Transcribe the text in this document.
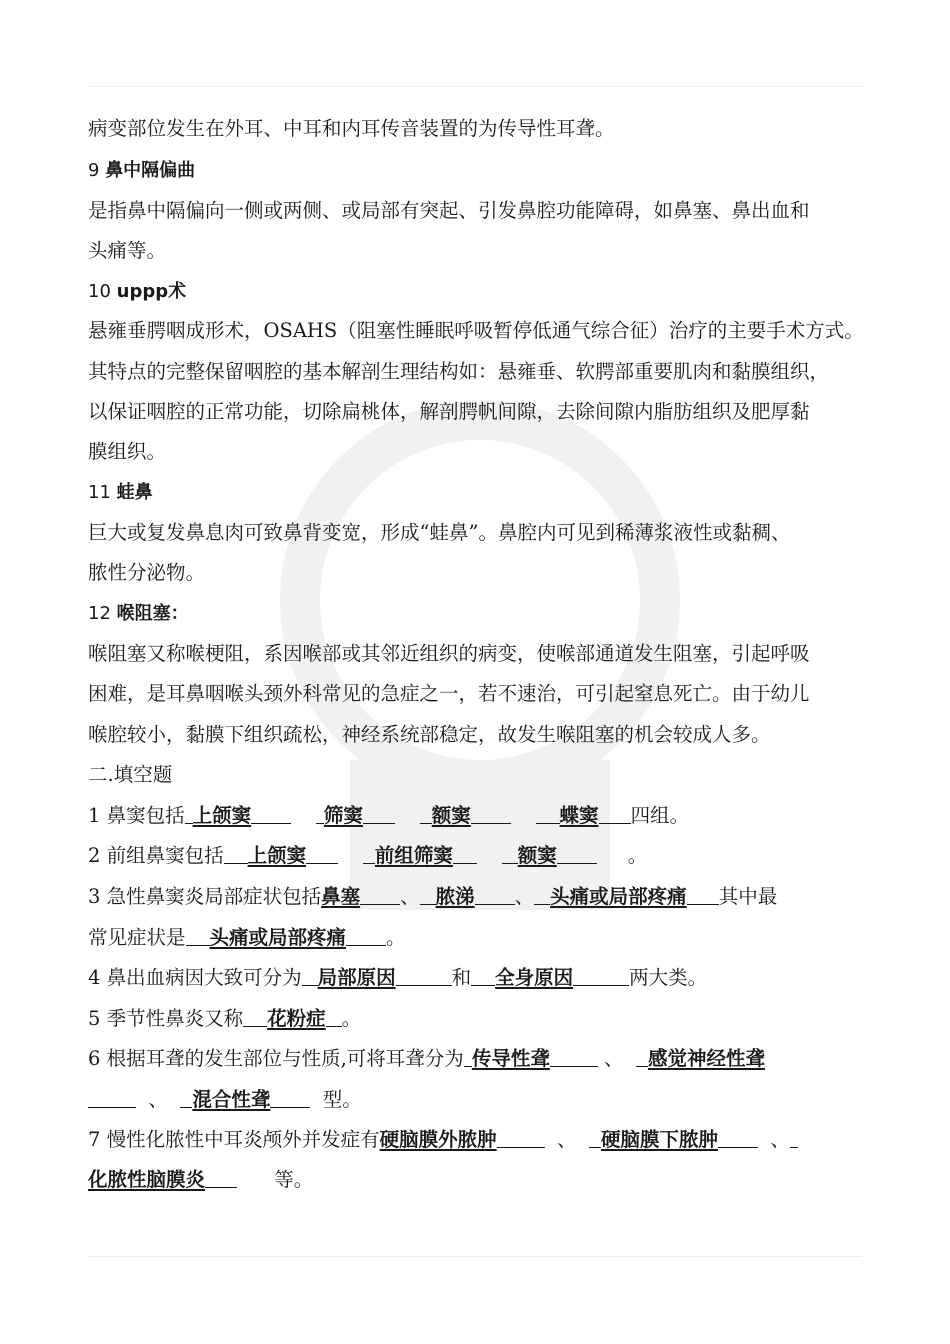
病变部位发生在外耳、中耳和内耳传音装置的为传导性耳聋。
9 鼻中隔偏曲
是指鼻中隔偏向一侧或两侧、或局部有突起、引发鼻腔功能障碍，如鼻塞、鼻出血和
头痛等。
10 uppp术
悬雍垂腭咽成形术，OSAHS（阻塞性睡眠呼吸暂停低通气综合征）治疗的主要手术方式。
其特点的完整保留咽腔的基本解剖生理结构如：悬雍垂、软腭部重要肌肉和黏膜组织，
以保证咽腔的正常功能，切除扁桃体，解剖腭帆间隙，去除间隙内脂肪组织及肥厚黏
膜组织。
11 蛙鼻
巨大或复发鼻息肉可致鼻背变宽，形成“蛙鼻”。鼻腔内可见到稀薄浆液性或黏稠、
脓性分泌物。
12 喉阻塞：
喉阻塞又称喉梗阻，系因喉部或其邻近组织的病变，使喉部通道发生阻塞，引起呼吸
困难，是耳鼻咽喉头颈外科常见的急症之一，若不速治，可引起窒息死亡。由于幼儿
喉腔较小，黏膜下组织疏松，神经系统部稳定，故发生喉阻塞的机会较成人多。
二.填空题
1 鼻窦包括 上颌窦	筛窦	额窦	蝶窦 四组。
2 前组鼻窦包括 上颌窦	前组筛窦	额窦	。
3 急性鼻窦炎局部症状包括鼻塞 、 脓涕 、 头痛或局部疼痛 其中最
常见症状是 头痛或局部疼痛 。
4 鼻出血病因大致可分为 局部原因	和 全身原因	两大类。
5 季节性鼻炎又称 花粉症 。
6 根据耳聋的发生部位与性质,可将耳聋分为 传导性聋	、 感觉神经性聋
、 混合性聋	型。
7 慢性化脓性中耳炎颅外并发症有硬脑膜外脓肿	、 硬脑膜下脓肿	、
化脓性脑膜炎	等。
